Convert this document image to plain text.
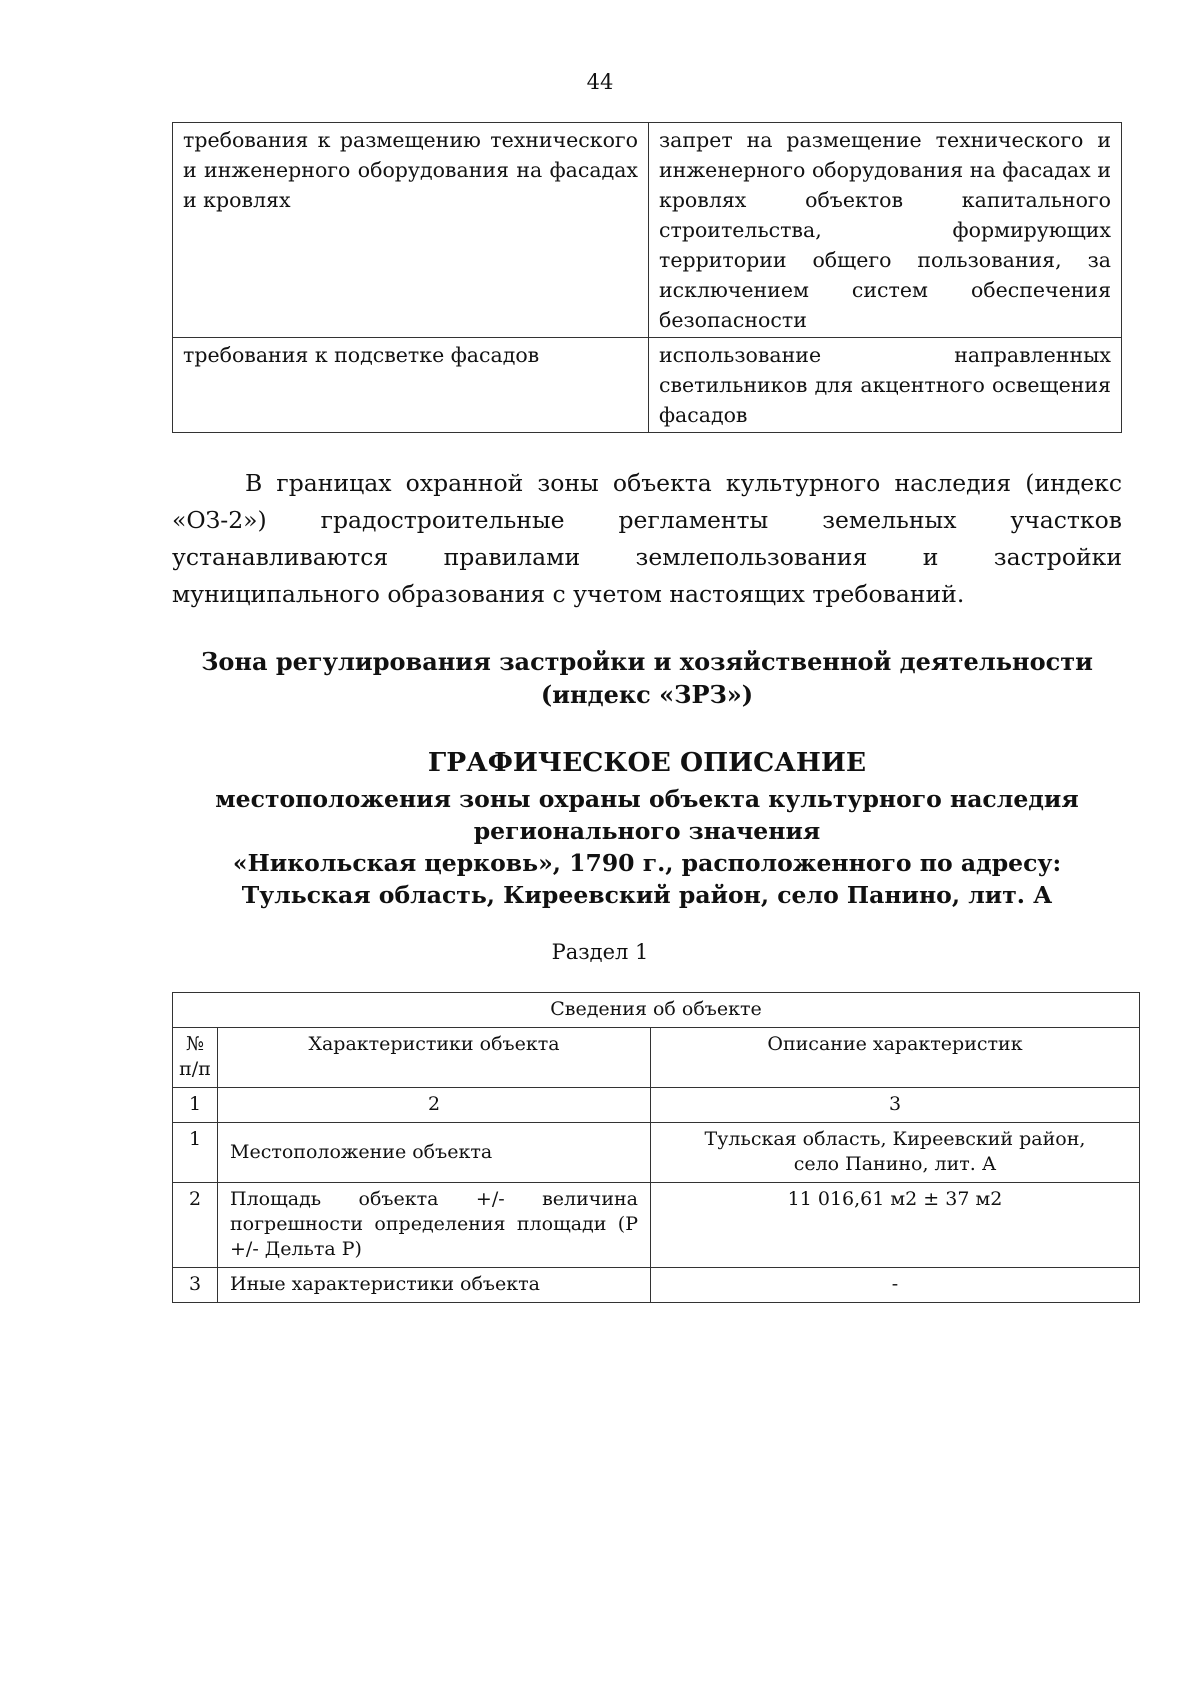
44
требования к размещению технического и инженерного оборудования на фасадах и кровлях	запрет на размещение технического и инженерного оборудования на фасадах и кровлях объектов капитального строительства, формирующих территории общего пользования, за исключением систем обеспечения безопасности
требования к подсветке фасадов	использование направленных светильников для акцентного освещения фасадов

В границах охранной зоны объекта культурного наследия (индекс «ОЗ-2») градостроительные регламенты земельных участков устанавливаются правилами землепользования и застройки муниципального образования с учетом настоящих требований.

Зона регулирования застройки и хозяйственной деятельности
(индекс «ЗРЗ»)
ГРАФИЧЕСКОЕ ОПИСАНИЕ
местоположения зоны охраны объекта культурного наследия
регионального значения
«Никольская церковь», 1790 г., расположенного по адресу:
Тульская область, Киреевский район, село Панино, лит. А
Раздел 1
Сведения об объекте		

№
п/п	Характеристики объекта	Описание характеристик
1	2	3
1	Местоположение объекта	Тульская область, Киреевский район,
село Панино, лит. А

2	Площадь объекта +/- величина погрешности определения площади (Р +/- Дельта Р)	11 016,61 м2 ± 37 м2
3	Иные характеристики объекта	-
